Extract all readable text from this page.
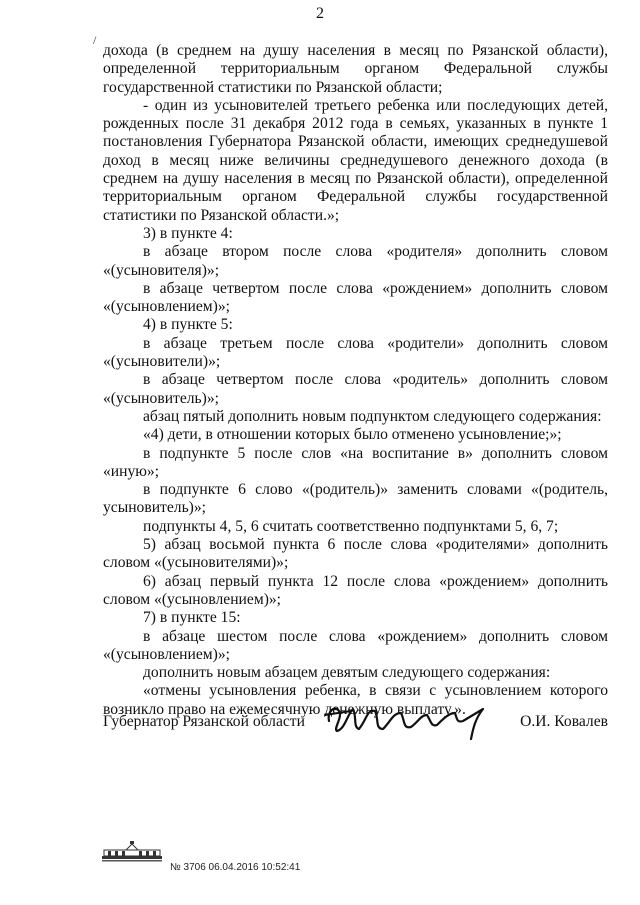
2
/

дохода (в среднем на душу населения в месяц по Рязанской области), определенной территориальным органом Федеральной службы государственной статистики по Рязанской области;

- один из усыновителей третьего ребенка или последующих детей, рожденных после 31 декабря 2012 года в семьях, указанных в пункте 1 постановления Губернатора Рязанской области, имеющих среднедушевой доход в месяц ниже величины среднедушевого денежного дохода (в среднем на душу населения в месяц по Рязанской области), определенной территориальным органом Федеральной службы государственной статистики по Рязанской области.»;

3) в пункте 4:

в абзаце втором после слова «родителя» дополнить словом «(усыновителя)»;

в абзаце четвертом после слова «рождением» дополнить словом «(усыновлением)»;

4) в пункте 5:

в абзаце третьем после слова «родители» дополнить словом «(усыновители)»;

в абзаце четвертом после слова «родитель» дополнить словом «(усыновитель)»;

абзац пятый дополнить новым подпунктом следующего содержания:

«4) дети, в отношении которых было отменено усыновление;»;

в подпункте 5 после слов «на воспитание в» дополнить словом «иную»;

в подпункте 6 слово «(родитель)» заменить словами «(родитель, усыновитель)»;

подпункты 4, 5, 6 считать соответственно подпунктами 5, 6, 7;

5) абзац восьмой пункта 6 после слова «родителями» дополнить словом «(усыновителями)»;

6) абзац первый пункта 12 после слова «рождением» дополнить словом «(усыновлением)»;

7) в пункте 15:

в абзаце шестом после слова «рождением» дополнить словом «(усыновлением)»;

дополнить новым абзацем девятым следующего содержания:

«отмены усыновления ребенка, в связи с усыновлением которого возникло право на ежемесячную денежную выплату.».

Губернатор Рязанской области	О.И. Ковалев
№ 3706 06.04.2016 10:52:41
